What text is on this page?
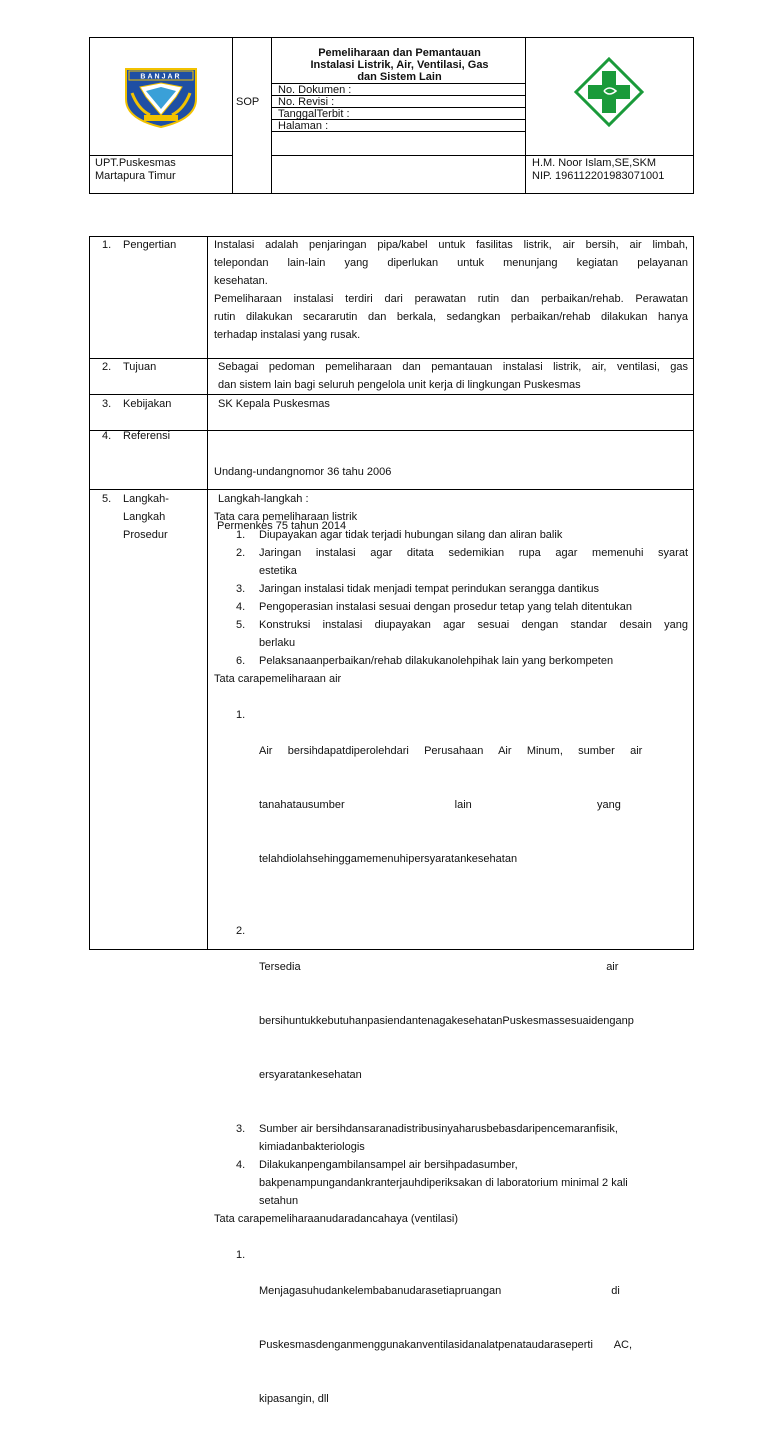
BANJAR
SOP
Pemeliharaan dan Pemantauan
Instalasi Listrik, Air, Ventilasi, Gas
dan Sistem Lain
No. Dokumen :
No. Revisi :
TanggalTerbit :
Halaman :
UPT.Puskesmas
Martapura Timur
H.M. Noor Islam,SE,SKM
NIP. 196112201983071001
1. Pengertian	Instalasi adalah penjaringan pipa/kabel untuk fasilitas listrik, air bersih, air limbah,
telepondan lain-lain yang diperlukan untuk menunjang kegiatan pelayanan
kesehatan.
Pemeliharaan instalasi terdiri dari perawatan rutin dan perbaikan/rehab. Perawatan
rutin dilakukan secararutin dan berkala, sedangkan perbaikan/rehab dilakukan hanya
terhadap instalasi yang rusak.
2. Tujuan	Sebagai pedoman pemeliharaan dan pemantauan instalasi listrik, air, ventilasi, gas
dan sistem lain bagi seluruh pengelola unit kerja di lingkungan Puskesmas
3. Kebijakan	SK Kepala Puskesmas
4. Referensi

Undang-undangnomor 36 tahu 2006

Permenkes 75 tahun 2014

5. Langkah-
Langkah
Prosedur
Langkah-langkah :
Tata cara pemeliharaan listrik
1. Diupayakan agar tidak terjadi hubungan silang dan aliran balik
2. Jaringan instalasi agar ditata sedemikian rupa agar memenuhi syarat
estetika
3. Jaringan instalasi tidak menjadi tempat perindukan serangga dantikus
4. Pengoperasian instalasi sesuai dengan prosedur tetap yang telah ditentukan
5. Konstruksi instalasi diupayakan agar sesuai dengan standar desain yang
berlaku
6. Pelaksanaanperbaikan/rehab dilakukanolehpihak lain yang berkompeten
Tata carapemeliharaan air

1.

Air     bersihdapatdiperolehdari     Perusahaan     Air     Minum,     sumber     air

tanahatausumber                                    lain                                         yang

telahdiolahsehinggamemenuhipersyaratankesehatan

2.

Tersedia                                                                                                    air

bersihuntukkebutuhanpasiendantenagakesehatanPuskesmassesuaidenganp

ersyaratankesehatan

3. Sumber air bersihdansaranadistribusinyaharusbebasdaripencemaranfisik,
kimiadanbakteriologis
4. Dilakukanpengambilansampel air bersihpadasumber,
bakpenampungandankranterjauhdiperiksakan di laboratorium minimal 2 kali
setahun
Tata carapemeliharaanudaradancahaya (ventilasi)

1.

Menjagasuhudankelembabanudarasetiapruangan                                    di

Puskesmasdenganmenggunakanventilasidanalatpenataudaraseperti       AC,

kipasangin, dll
